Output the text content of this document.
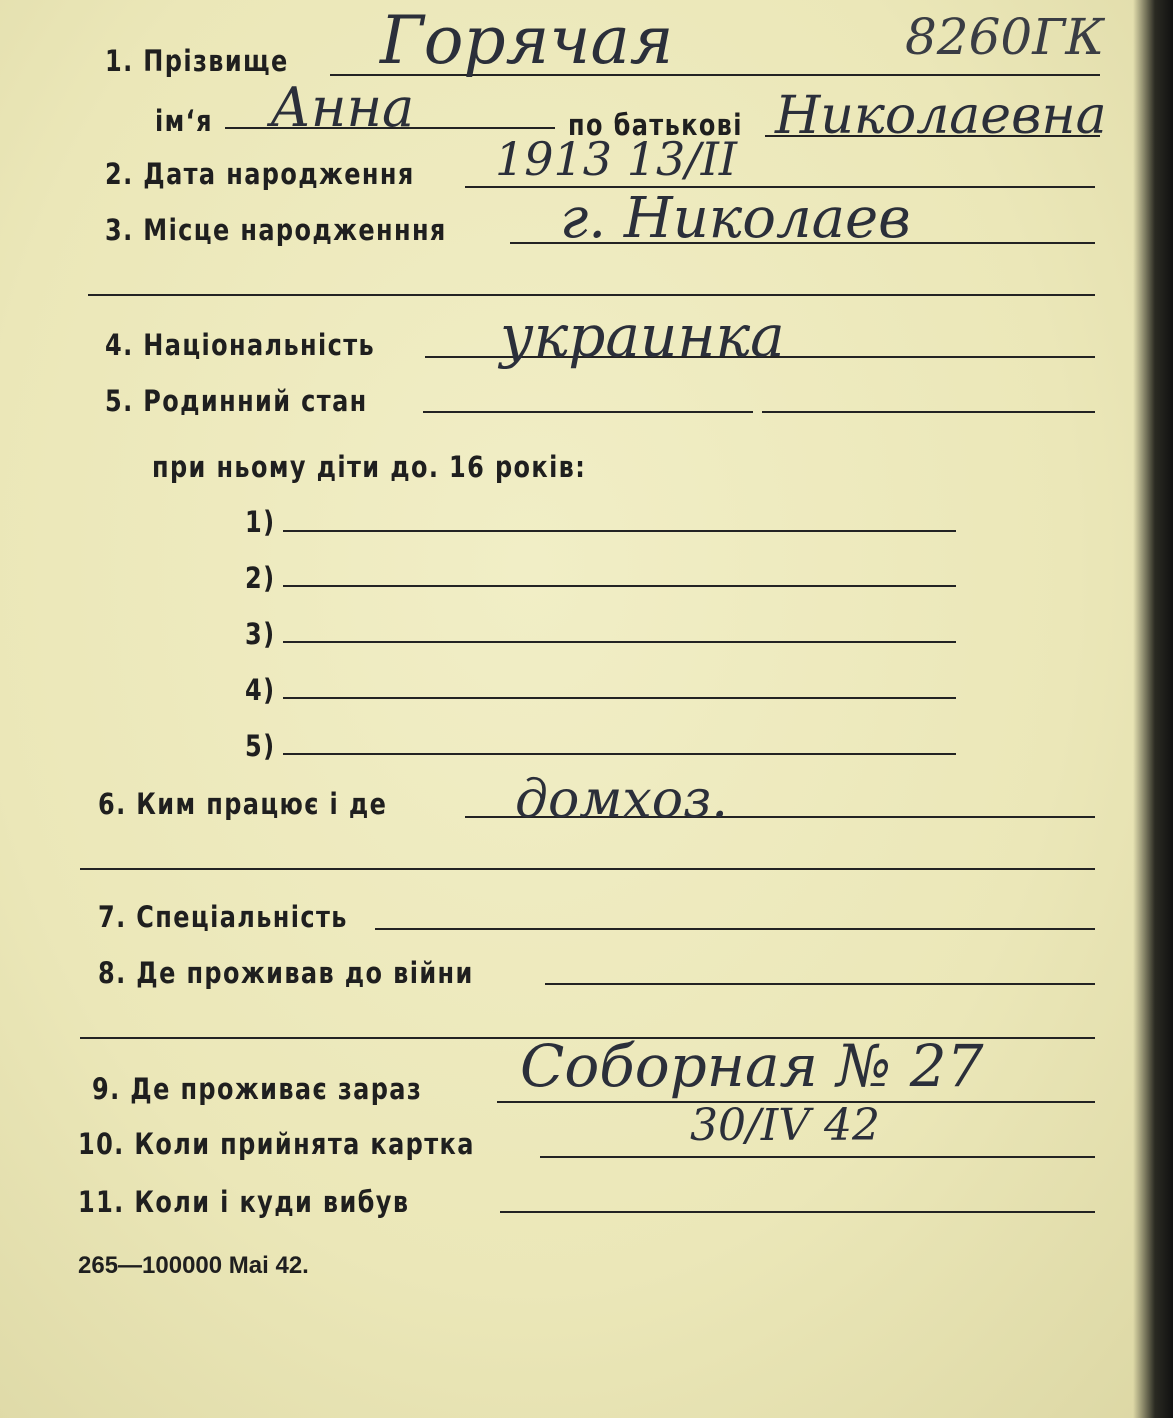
1. Прізвище Горячая	8260ГК
ім‘я Анна	по батькові Николаевна
2. Дата народження 1913 13/II
3. Місце народженння г. Николаев
4. Національність украинка
5. Родинний стан
при ньому діти до. 16 років:
1)
2)
3)
4)
5)
6. Ким працює і де домхоз.
7. Спеціальність
8. Де проживав до війни
9. Де проживає зараз Соборная № 27
10. Коли прийнята картка	30/IV 42
11. Коли і куди вибув
265—100000 Mai 42.
